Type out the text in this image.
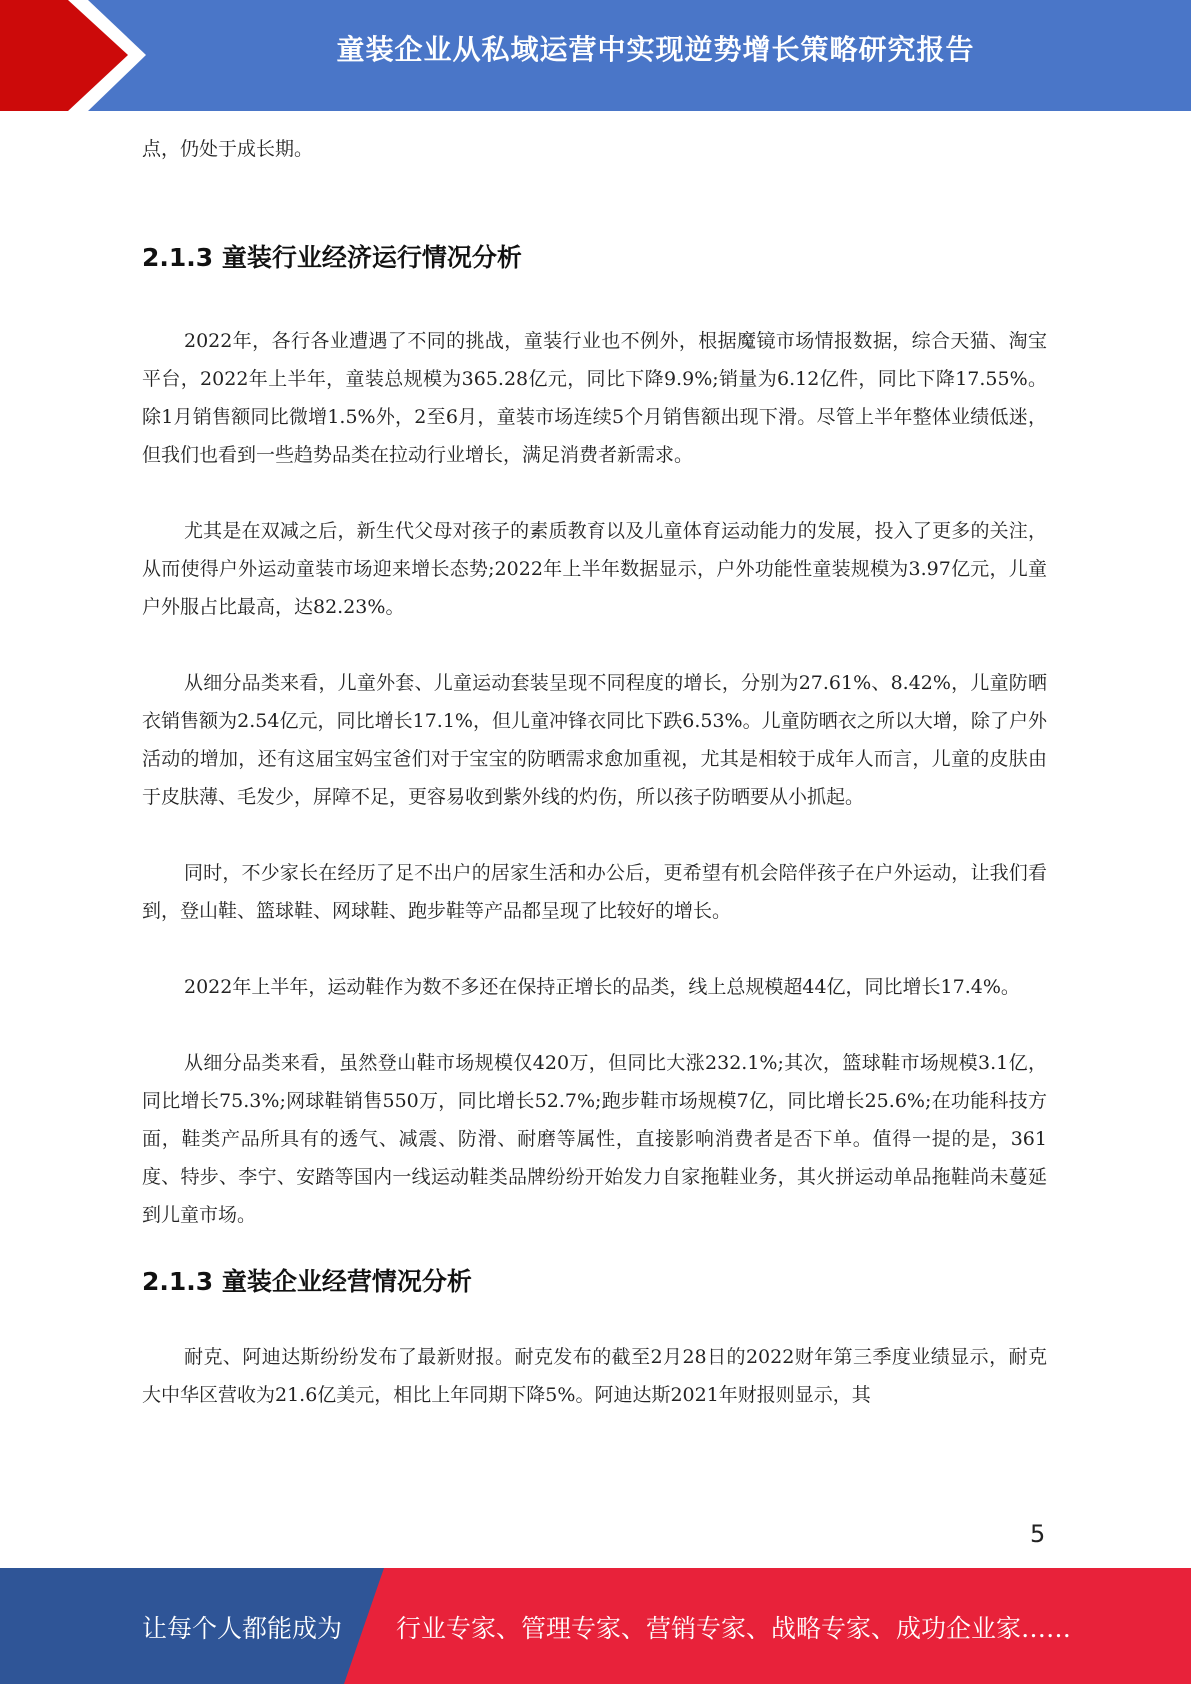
童装企业从私域运营中实现逆势增长策略研究报告

点，仍处于成长期。

2.1.3 童装行业经济运行情况分析

2022年，各行各业遭遇了不同的挑战，童装行业也不例外，根据魔镜市场情报数据，综合天猫、淘宝平台，2022年上半年，童装总规模为365.28亿元，同比下降9.9%;销量为6.12亿件，同比下降17.55%。除1月销售额同比微增1.5%外，2至6月，童装市场连续5个月销售额出现下滑。尽管上半年整体业绩低迷，但我们也看到一些趋势品类在拉动行业增长，满足消费者新需求。

尤其是在双减之后，新生代父母对孩子的素质教育以及儿童体育运动能力的发展，投入了更多的关注，从而使得户外运动童装市场迎来增长态势;2022年上半年数据显示，户外功能性童装规模为3.97亿元，儿童户外服占比最高，达82.23%。

从细分品类来看，儿童外套、儿童运动套装呈现不同程度的增长，分别为27.61%、8.42%，儿童防晒衣销售额为2.54亿元，同比增长17.1%，但儿童冲锋衣同比下跌6.53%。儿童防晒衣之所以大增，除了户外活动的增加，还有这届宝妈宝爸们对于宝宝的防晒需求愈加重视，尤其是相较于成年人而言，儿童的皮肤由于皮肤薄、毛发少，屏障不足，更容易收到紫外线的灼伤，所以孩子防晒要从小抓起。

同时，不少家长在经历了足不出户的居家生活和办公后，更希望有机会陪伴孩子在户外运动，让我们看到，登山鞋、篮球鞋、网球鞋、跑步鞋等产品都呈现了比较好的增长。

2022年上半年，运动鞋作为数不多还在保持正增长的品类，线上总规模超44亿，同比增长17.4%。

从细分品类来看，虽然登山鞋市场规模仅420万，但同比大涨232.1%;其次，篮球鞋市场规模3.1亿，同比增长75.3%;网球鞋销售550万，同比增长52.7%;跑步鞋市场规模7亿，同比增长25.6%;在功能科技方面，鞋类产品所具有的透气、减震、防滑、耐磨等属性，直接影响消费者是否下单。值得一提的是，361度、特步、李宁、安踏等国内一线运动鞋类品牌纷纷开始发力自家拖鞋业务，其火拼运动单品拖鞋尚未蔓延到儿童市场。

2.1.3 童装企业经营情况分析

耐克、阿迪达斯纷纷发布了最新财报。耐克发布的截至2月28日的2022财年第三季度业绩显示，耐克大中华区营收为21.6亿美元，相比上年同期下降5%。阿迪达斯2021年财报则显示，其

5
让每个人都能成为 行业专家、管理专家、营销专家、战略专家、成功企业家……
